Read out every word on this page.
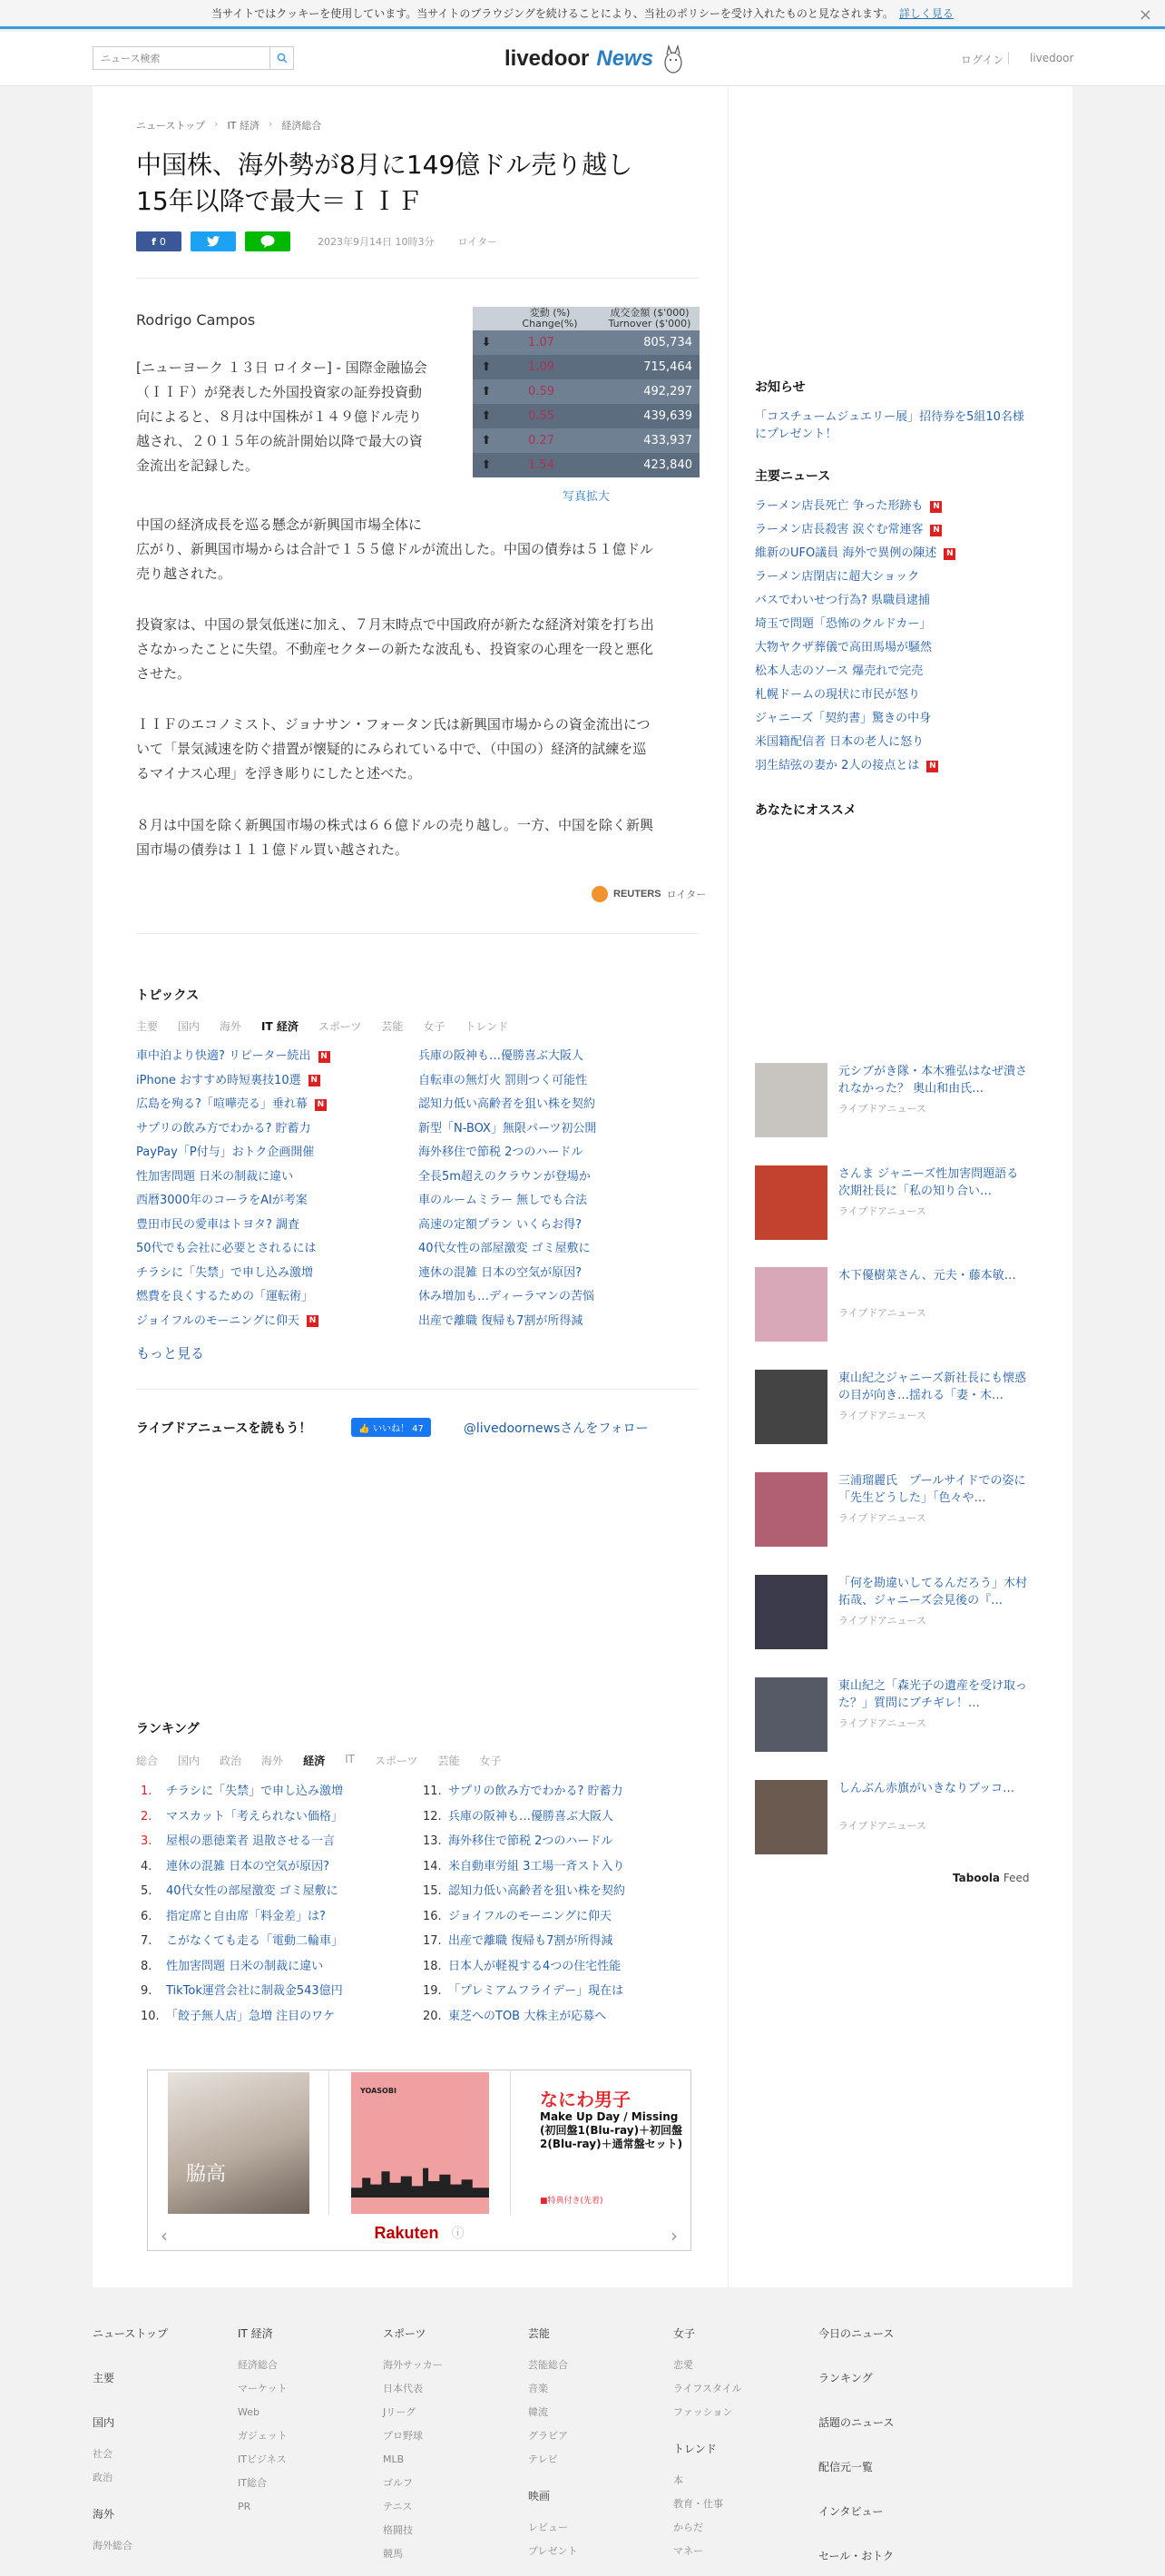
当サイトではクッキーを使用しています。当サイトのブラウジングを続けることにより、当社のポリシーを受け入れたものと見なされます。 詳しく見る	×
ニュース検索
livedoor News	ログイン livedoor
ニューストップ › IT 経済 › 経済総合
中国株、海外勢が8月に149億ドル売り越し　15年以降で最大＝ＩＩＦ
f 0	2023年9月14日 10時3分 ロイター
Rodrigo Campos	変動 (%)
Change(%)
成交金額 ($'000)
Turnover ($'000)
⬇	1.07	805,734
⬆	1.09	715,464
⬆	0.59	492,297
⬆	0.55	439,639
⬆	0.27	433,937
⬆	1.54	423,840
写真拡大
[ニューヨーク １３日 ロイター] - 国際金融協会
（ＩＩＦ）が発表した外国投資家の証券投資動
向によると、８月は中国株が１４９億ドル売り
越され、２０１５年の統計開始以降で最大の資
金流出を記録した。
中国の経済成長を巡る懸念が新興国市場全体に
広がり、新興国市場からは合計で１５５億ドルが流出した。中国の債券は５１億ドル
売り越された。
投資家は、中国の景気低迷に加え、７月末時点で中国政府が新たな経済対策を打ち出
さなかったことに失望。不動産セクターの新たな波乱も、投資家の心理を一段と悪化
させた。
ＩＩＦのエコノミスト、ジョナサン・フォータン氏は新興国市場からの資金流出につ
いて「景気減速を防ぐ措置が懐疑的にみられている中で、（中国の）経済的試練を巡
るマイナス心理」を浮き彫りにしたと述べた。
８月は中国を除く新興国市場の株式は６６億ドルの売り越し。一方、中国を除く新興
国市場の債券は１１１億ドル買い越された。
REUTERS ロイター
トピックス
主要 国内 海外 IT 経済 スポーツ 芸能 女子 トレンド
車中泊より快適? リピーター続出	N
iPhone おすすめ時短裏技10選	N
広島を殉る?「喧嘩売る」垂れ幕	N
サプリの飲み方でわかる? 貯蓄力
PayPay「P付与」おトク企画開催
性加害問題 日米の制裁に違い
西暦3000年のコーラをAIが考案
豊田市民の愛車はトヨタ? 調査
50代でも会社に必要とされるには
チラシに「失禁」で申し込み激増
燃費を良くするための「運転術」
ジョイフルのモーニングに仰天	N
兵庫の阪神も…優勝喜ぶ大阪人
自転車の無灯火 罰則つく可能性
認知力低い高齢者を狙い株を契約
新型「N-BOX」無限パーツ初公開
海外移住で節税 2つのハードル
全長5m超えのクラウンが登場か
車のルームミラー 無しでも合法
高速の定額プラン いくらお得?
40代女性の部屋激変 ゴミ屋敷に
連休の混雑 日本の空気が原因?
休み増加も…ディーラマンの苦悩
出産で離職 復帰も7割が所得減
もっと見る
ライブドアニュースを読もう！	👍 いいね！ 47	@livedoornewsさんをフォロー
ランキング
総合 国内 政治 海外 経済 IT スポーツ 芸能 女子
1.	チラシに「失禁」で申し込み激増
2.	マスカット「考えられない価格」
3.	屋根の悪徳業者 退散させる一言
4.	連休の混雑 日本の空気が原因?
5.	40代女性の部屋激変 ゴミ屋敷に
6.	指定席と自由席「料金差」は?
7.	こがなくても走る「電動二輪車」
8.	性加害問題 日米の制裁に違い
9.	TikTok運営会社に制裁金543億円
10. 「餃子無人店」急増 注目のワケ
11. サプリの飲み方でわかる? 貯蓄力
12. 兵庫の阪神も…優勝喜ぶ大阪人
13. 海外移住で節税 2つのハードル
14. 米自動車労組 3工場一斉スト入り
15. 認知力低い高齢者を狙い株を契約
16. ジョイフルのモーニングに仰天
17. 出産で離職 復帰も7割が所得減
18. 日本人が軽視する4つの住宅性能
19. 「プレミアムフライデー」現在は
20. 東芝へのTOB 大株主が応募へ
脇高
YOASOBI	なにわ男子
Make Up Day / Missing (初回盤1(Blu-ray)＋初回盤2(Blu-ray)＋通常盤セット)
■特典付き(先着)
‹	Rakuten ⓘ	›
お知らせ
「コスチュームジュエリー展」招待券を5組10名様にプレゼント！
主要ニュース
ラーメン店長死亡 争った形跡も	N
ラーメン店長殺害 涙ぐむ常連客	N
維新のUFO議員 海外で異例の陳述	N
ラーメン店閉店に超大ショック
バスでわいせつ行為? 県職員逮捕
埼玉で問題「恐怖のクルドカー」
大物ヤクザ葬儀で高田馬場が騒然
松本人志のソース 爆売れで完売
札幌ドームの現状に市民が怒り
ジャニーズ「契約書」驚きの中身
米国籍配信者 日本の老人に怒り
羽生結弦の妻か 2人の接点とは	N
あなたにオススメ
元シブがき隊・本木雅弘はなぜ潰されなかった？ 奥山和由氏…
ライブドアニュース
さんま ジャニーズ性加害問題語る　次期社長に「私の知り合い…
ライブドアニュース
木下優樹菜さん、元夫・藤本敏…
ライブドアニュース
東山紀之ジャニーズ新社長にも懐惑の目が向き…揺れる「妻・木…
ライブドアニュース
三浦瑠麗氏　プールサイドでの姿に「先生どうした」「色々や…
ライブドアニュース
「何を勘違いしてるんだろう」木村拓哉、ジャニーズ会見後の『…
ライブドアニュース
東山紀之「森光子の遺産を受け取った？」質問にブチギレ！…
ライブドアニュース
しんぶん赤旗がいきなりブッコ…
ライブドアニュース
Taboola Feed
ニューストップ
主要
国内
社会
政治
海外
海外総合
IT 経済
経済総合
マーケット
Web
ガジェット
ITビジネス
IT総合
PR
スポーツ
海外サッカー
日本代表
Jリーグ
プロ野球
MLB
ゴルフ
テニス
格闘技
競馬
芸能
芸能総合
音楽
韓流
グラビア
テレビ
映画
レビュー
プレゼント
女子
恋愛
ライフスタイル
ファッション
トレンド
本
教育・仕事
からだ
マネー
今日のニュース
ランキング
話題のニュース
配信元一覧
インタビュー
セール・おトク
